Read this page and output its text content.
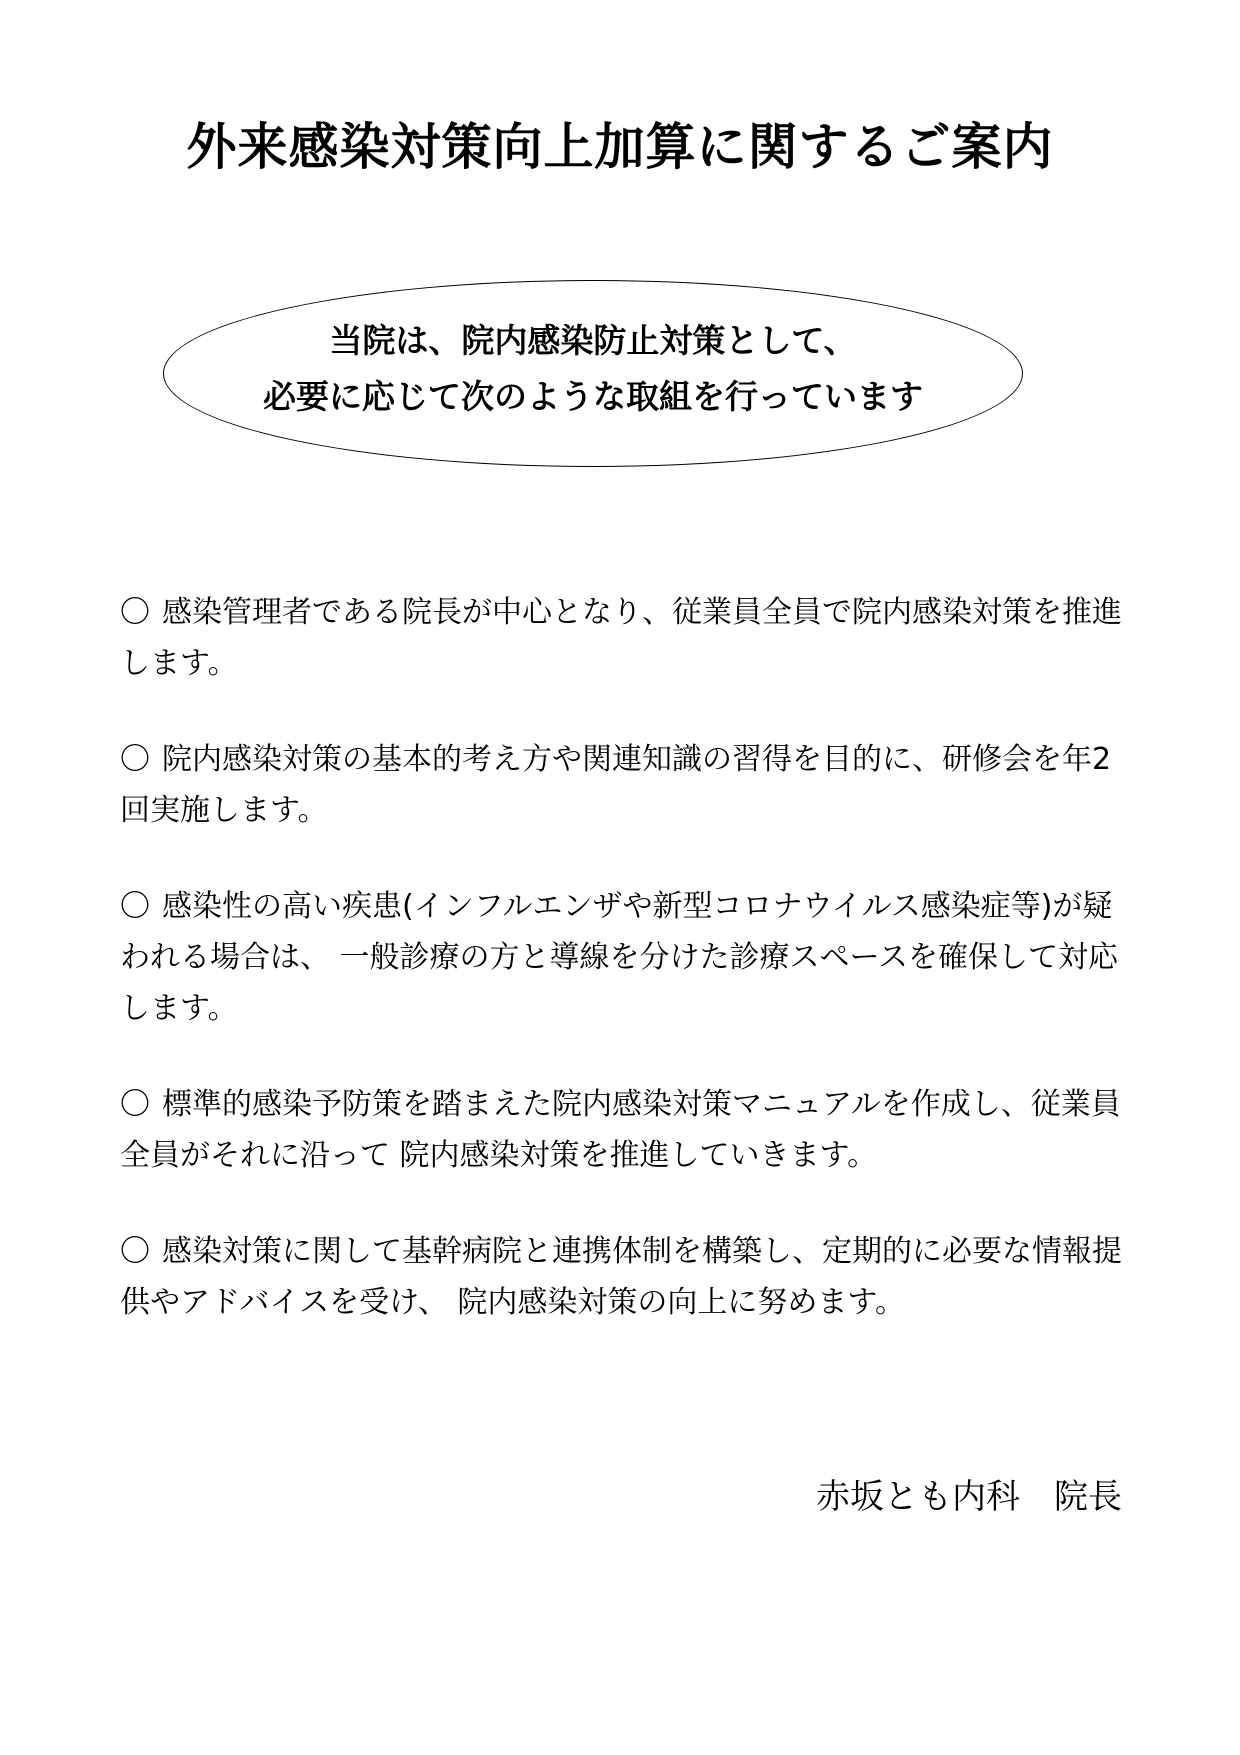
外来感染対策向上加算に関するご案内
当院は、院内感染防止対策として、
必要に応じて次のような取組を行っています

〇 感染管理者である院長が中心となり、従業員全員で院内感染対策を推進します。

〇 院内感染対策の基本的考え方や関連知識の習得を目的に、研修会を年2回実施します。

〇 感染性の高い疾患(インフルエンザや新型コロナウイルス感染症等)が疑われる場合は、 一般診療の方と導線を分けた診療スペースを確保して対応します。

〇 標準的感染予防策を踏まえた院内感染対策マニュアルを作成し、従業員全員がそれに沿って 院内感染対策を推進していきます。

〇 感染対策に関して基幹病院と連携体制を構築し、定期的に必要な情報提供やアドバイスを受け、 院内感染対策の向上に努めます。

赤坂とも内科　院長
